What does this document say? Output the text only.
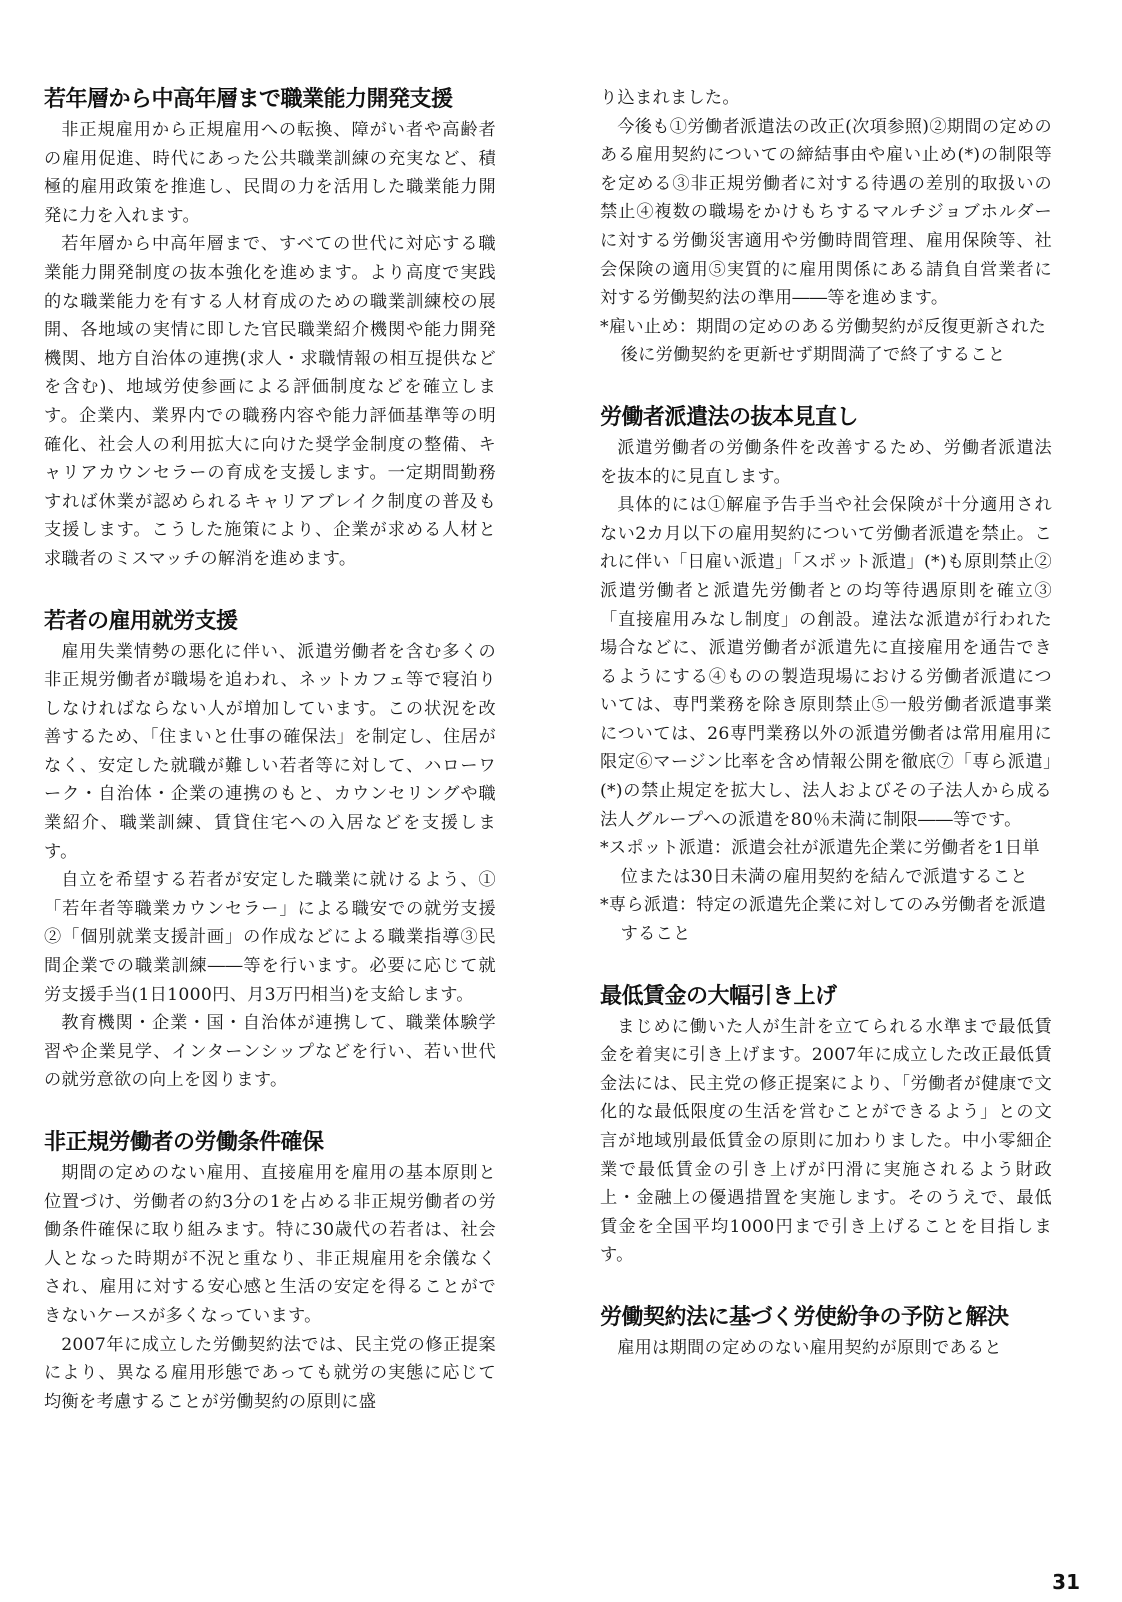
若年層から中高年層まで職業能力開発支援

非正規雇用から正規雇用への転換、障がい者や高齢者の雇用促進、時代にあった公共職業訓練の充実など、積極的雇用政策を推進し、民間の力を活用した職業能力開発に力を入れます。

若年層から中高年層まで、すべての世代に対応する職業能力開発制度の抜本強化を進めます。より高度で実践的な職業能力を有する人材育成のための職業訓練校の展開、各地域の実情に即した官民職業紹介機関や能力開発機関、地方自治体の連携(求人・求職情報の相互提供などを含む)、地域労使参画による評価制度などを確立します。企業内、業界内での職務内容や能力評価基準等の明確化、社会人の利用拡大に向けた奨学金制度の整備、キャリアカウンセラーの育成を支援します。一定期間勤務すれば休業が認められるキャリアブレイク制度の普及も支援します。こうした施策により、企業が求める人材と求職者のミスマッチの解消を進めます。

若者の雇用就労支援

雇用失業情勢の悪化に伴い、派遣労働者を含む多くの非正規労働者が職場を追われ、ネットカフェ等で寝泊りしなければならない人が増加しています。この状況を改善するため、「住まいと仕事の確保法」を制定し、住居がなく、安定した就職が難しい若者等に対して、ハローワーク・自治体・企業の連携のもと、カウンセリングや職業紹介、職業訓練、賃貸住宅への入居などを支援します。

自立を希望する若者が安定した職業に就けるよう、①「若年者等職業カウンセラー」による職安での就労支援②「個別就業支援計画」の作成などによる職業指導③民間企業での職業訓練――等を行います。必要に応じて就労支援手当(1日1000円、月3万円相当)を支給します。

教育機関・企業・国・自治体が連携して、職業体験学習や企業見学、インターンシップなどを行い、若い世代の就労意欲の向上を図ります。

非正規労働者の労働条件確保

期間の定めのない雇用、直接雇用を雇用の基本原則と位置づけ、労働者の約3分の1を占める非正規労働者の労働条件確保に取り組みます。特に30歳代の若者は、社会人となった時期が不況と重なり、非正規雇用を余儀なくされ、雇用に対する安心感と生活の安定を得ることができないケースが多くなっています。

2007年に成立した労働契約法では、民主党の修正提案により、異なる雇用形態であっても就労の実態に応じて均衡を考慮することが労働契約の原則に盛

り込まれました。

今後も①労働者派遣法の改正(次項参照)②期間の定めのある雇用契約についての締結事由や雇い止め(*)の制限等を定める③非正規労働者に対する待遇の差別的取扱いの禁止④複数の職場をかけもちするマルチジョブホルダーに対する労働災害適用や労働時間管理、雇用保険等、社会保険の適用⑤実質的に雇用関係にある請負自営業者に対する労働契約法の準用――等を進めます。

*雇い止め：期間の定めのある労働契約が反復更新された後に労働契約を更新せず期間満了で終了すること

労働者派遣法の抜本見直し

派遣労働者の労働条件を改善するため、労働者派遣法を抜本的に見直します。

具体的には①解雇予告手当や社会保険が十分適用されない2カ月以下の雇用契約について労働者派遣を禁止。これに伴い「日雇い派遣」「スポット派遣」(*)も原則禁止②派遣労働者と派遣先労働者との均等待遇原則を確立③「直接雇用みなし制度」の創設。違法な派遣が行われた場合などに、派遣労働者が派遣先に直接雇用を通告できるようにする④ものの製造現場における労働者派遣については、専門業務を除き原則禁止⑤一般労働者派遣事業については、26専門業務以外の派遣労働者は常用雇用に限定⑥マージン比率を含め情報公開を徹底⑦「専ら派遣」(*)の禁止規定を拡大し、法人およびその子法人から成る法人グループへの派遣を80％未満に制限――等です。

*スポット派遣：派遣会社が派遣先企業に労働者を1日単位または30日未満の雇用契約を結んで派遣すること

*専ら派遣：特定の派遣先企業に対してのみ労働者を派遣すること

最低賃金の大幅引き上げ

まじめに働いた人が生計を立てられる水準まで最低賃金を着実に引き上げます。2007年に成立した改正最低賃金法には、民主党の修正提案により、「労働者が健康で文化的な最低限度の生活を営むことができるよう」との文言が地域別最低賃金の原則に加わりました。中小零細企業で最低賃金の引き上げが円滑に実施されるよう財政上・金融上の優遇措置を実施します。そのうえで、最低賃金を全国平均1000円まで引き上げることを目指します。

労働契約法に基づく労使紛争の予防と解決

雇用は期間の定めのない雇用契約が原則であると

31
